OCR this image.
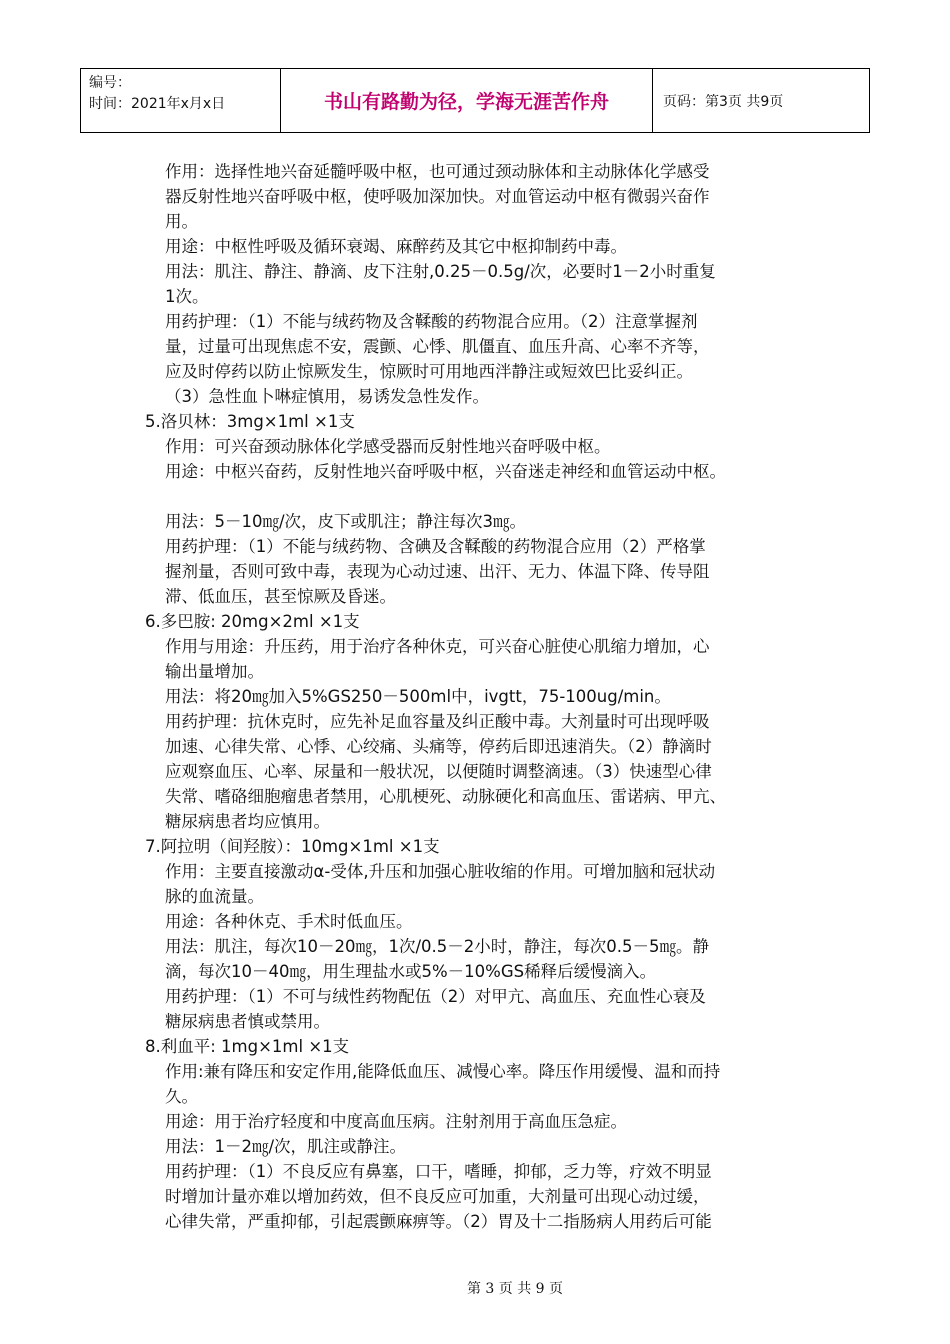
编号：
时间：2021年x月x日	书山有路勤为径，学海无涯苦作舟	页码：第3页 共9页
作用：选择性地兴奋延髓呼吸中枢，也可通过颈动脉体和主动脉体化学感受
器反射性地兴奋呼吸中枢，使呼吸加深加快。对血管运动中枢有微弱兴奋作
用。
用途：中枢性呼吸及循环衰竭、麻醉药及其它中枢抑制药中毒。
用法：肌注、静注、静滴、皮下注射,0.25－0.5g/次，必要时1－2小时重复
1次。
用药护理：（1）不能与绒药物及含鞣酸的药物混合应用。（2）注意掌握剂
量，过量可出现焦虑不安，震颤、心悸、肌僵直、血压升高、心率不齐等，
应及时停药以防止惊厥发生，惊厥时可用地西泮静注或短效巴比妥纠正。
（3）急性血卜啉症慎用，易诱发急性发作。
5.洛贝林：3mg×1ml ×1支
作用：可兴奋颈动脉体化学感受器而反射性地兴奋呼吸中枢。
用途：中枢兴奋药，反射性地兴奋呼吸中枢，兴奋迷走神经和血管运动中枢。
用法：5－10㎎/次，皮下或肌注；静注每次3㎎。
用药护理：（1）不能与绒药物、含碘及含鞣酸的药物混合应用（2）严格掌
握剂量，否则可致中毒，表现为心动过速、出汗、无力、体温下降、传导阻
滞、低血压，甚至惊厥及昏迷。
6.多巴胺: 20mg×2ml ×1支
作用与用途：升压药，用于治疗各种休克，可兴奋心脏使心肌缩力增加，心
输出量增加。
用法：将20㎎加入5%GS250－500ml中，ivgtt，75-100ug/min。
用药护理：抗休克时，应先补足血容量及纠正酸中毒。大剂量时可出现呼吸
加速、心律失常、心悸、心绞痛、头痛等，停药后即迅速消失。（2）静滴时
应观察血压、心率、尿量和一般状况，以便随时调整滴速。（3）快速型心律
失常、嗜硌细胞瘤患者禁用，心肌梗死、动脉硬化和高血压、雷诺病、甲亢、
糖尿病患者均应慎用。
7.阿拉明（间羟胺）：10mg×1ml ×1支
作用：主要直接激动α-受体,升压和加强心脏收缩的作用。可增加脑和冠状动
脉的血流量。
用途：各种休克、手术时低血压。
用法：肌注，每次10－20㎎，1次/0.5－2小时，静注，每次0.5－5㎎。静
滴，每次10－40㎎，用生理盐水或5%－10%GS稀释后缓慢滴入。
用药护理：（1）不可与绒性药物配伍（2）对甲亢、高血压、充血性心衰及
糖尿病患者慎或禁用。
8.利血平: 1mg×1ml ×1支
作用:兼有降压和安定作用,能降低血压、减慢心率。降压作用缓慢、温和而持
久。
用途：用于治疗轻度和中度高血压病。注射剂用于高血压急症。
用法：1－2㎎/次，肌注或静注。
用药护理：（1）不良反应有鼻塞，口干，嗜睡，抑郁，乏力等，疗效不明显
时增加计量亦难以增加药效，但不良反应可加重，大剂量可出现心动过缓，
心律失常，严重抑郁，引起震颤麻痹等。（2）胃及十二指肠病人用药后可能
第 3 页 共 9 页
